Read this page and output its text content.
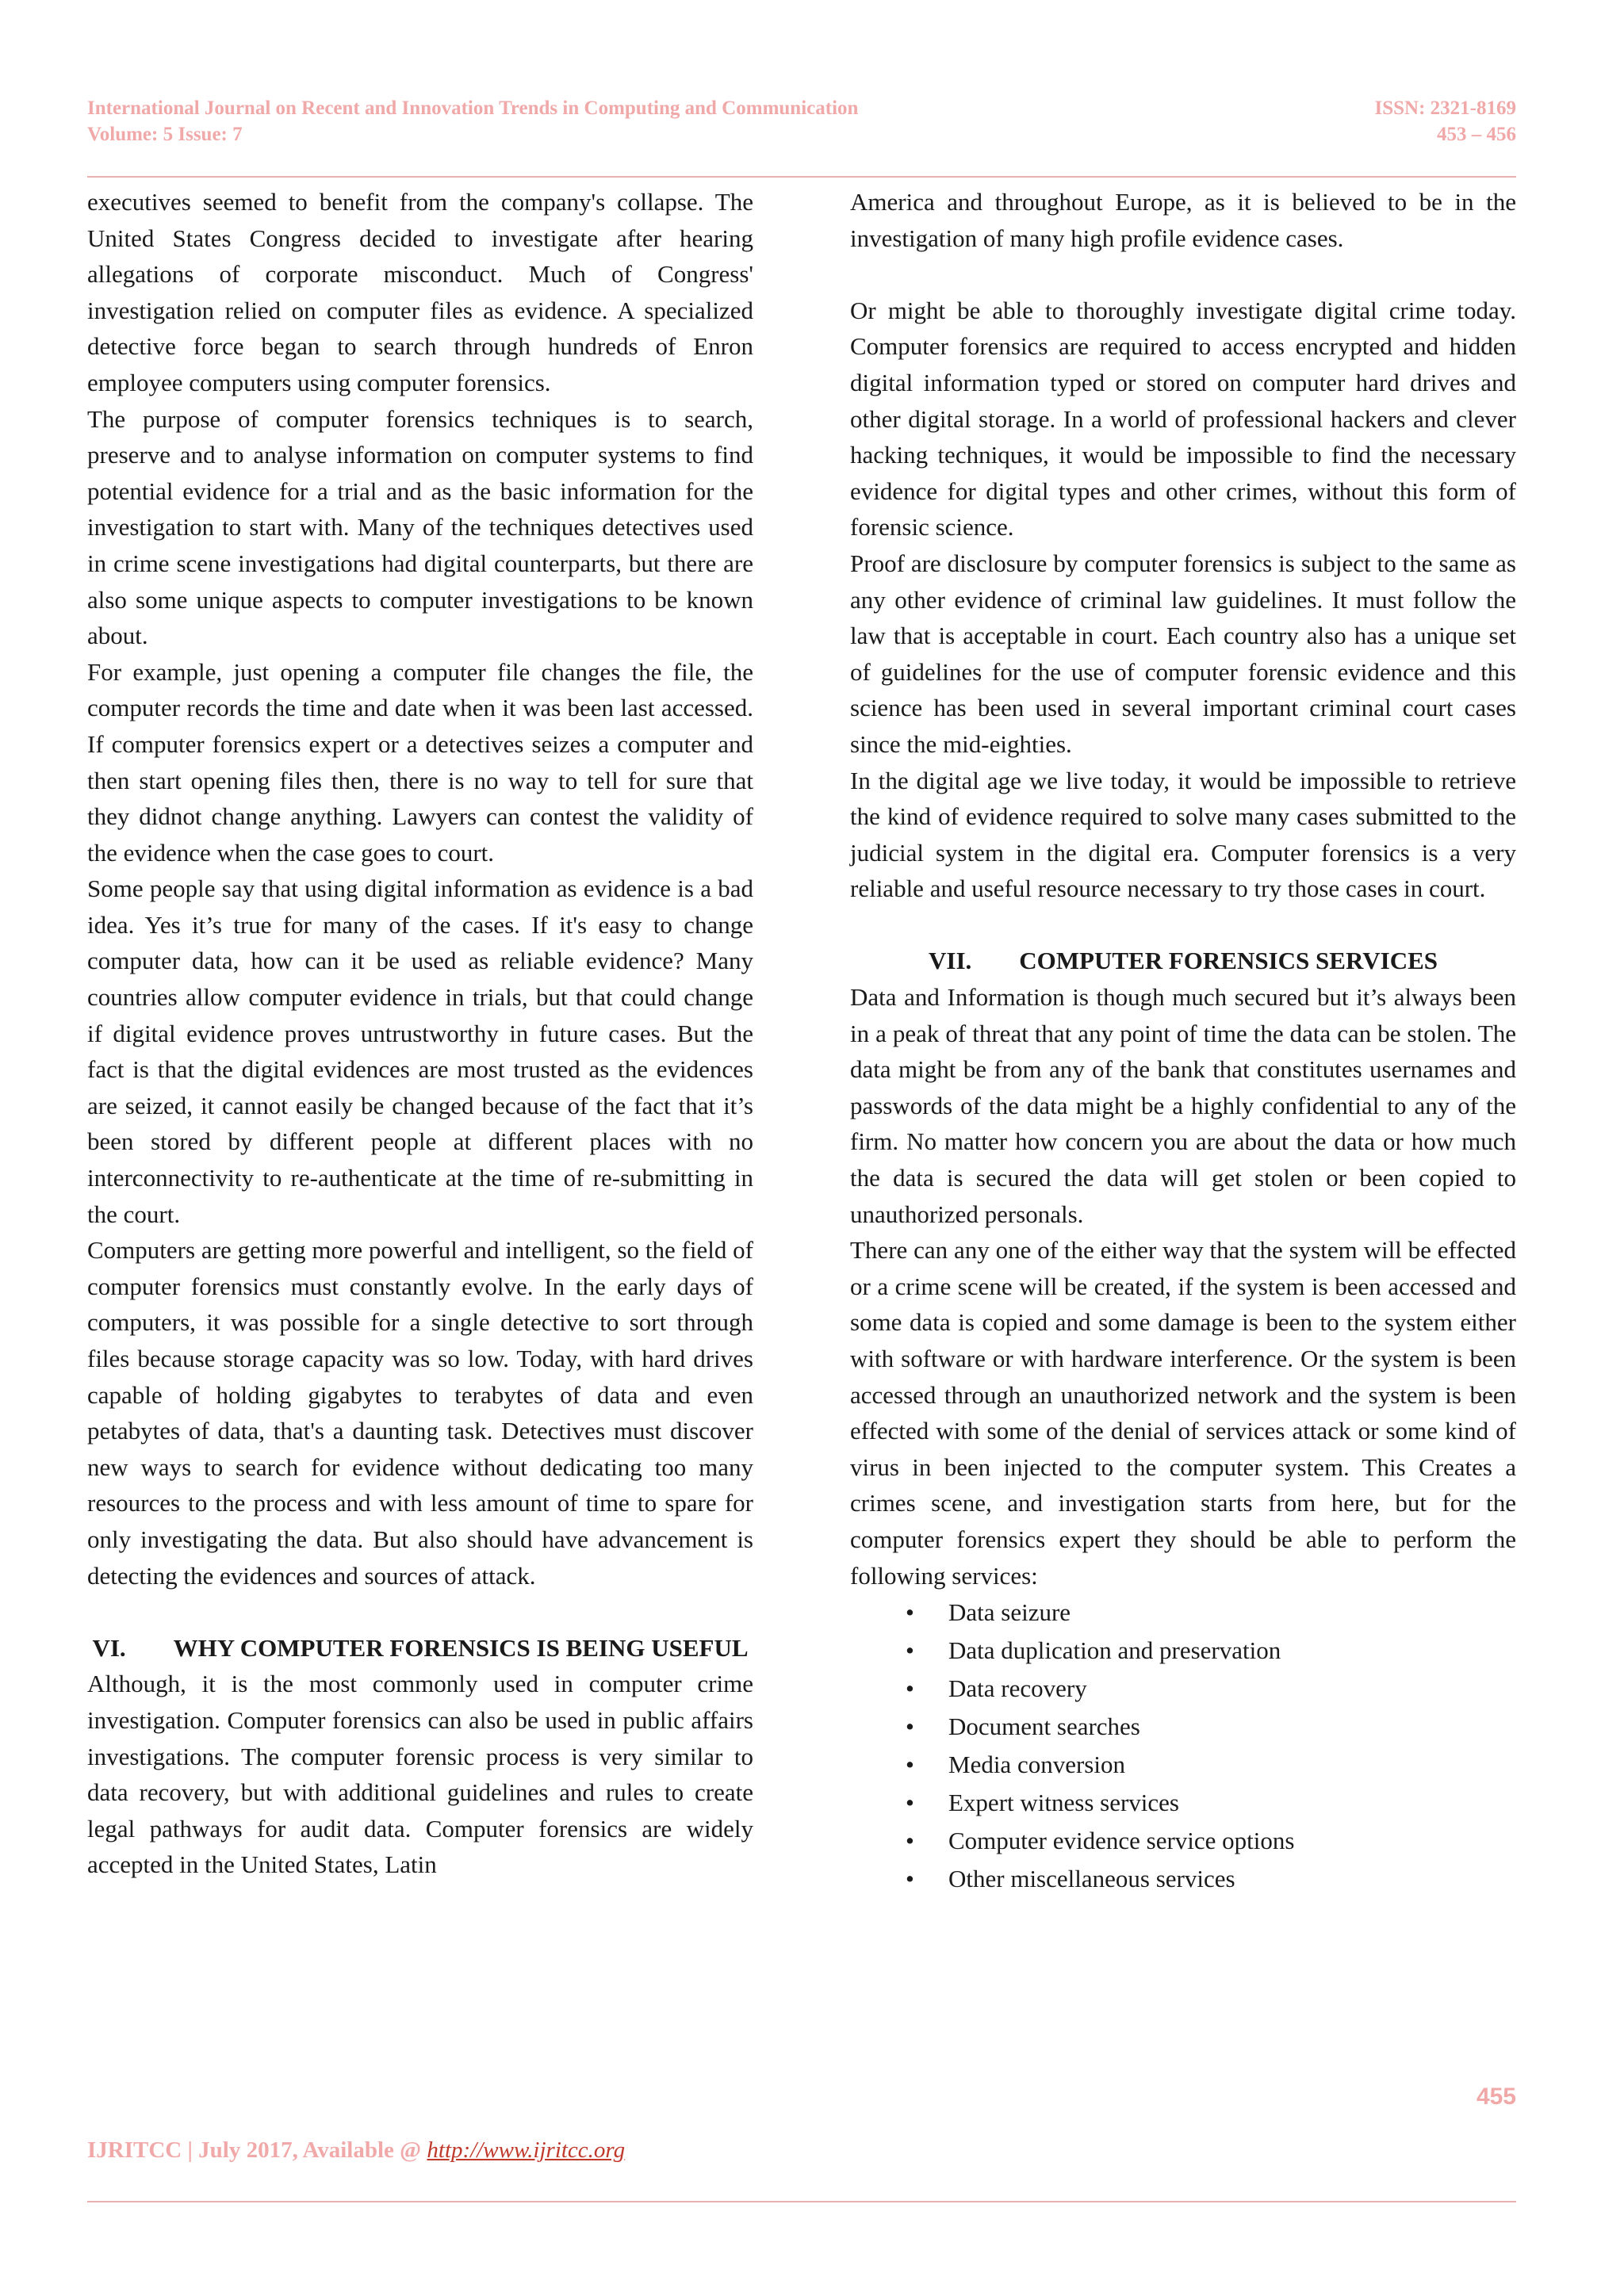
International Journal on Recent and Innovation Trends in Computing and Communication
Volume: 5 Issue: 7
ISSN: 2321-8169
453 – 456

executives seemed to benefit from the company's collapse. The United States Congress decided to investigate after hearing allegations of corporate misconduct. Much of Congress' investigation relied on computer files as evidence. A specialized detective force began to search through hundreds of Enron employee computers using computer forensics.

The purpose of computer forensics techniques is to search, preserve and to analyse information on computer systems to find potential evidence for a trial and as the basic information for the investigation to start with. Many of the techniques detectives used in crime scene investigations had digital counterparts, but there are also some unique aspects to computer investigations to be known about.

For example, just opening a computer file changes the file, the computer records the time and date when it was been last accessed. If computer forensics expert or a detectives seizes a computer and then start opening files then, there is no way to tell for sure that they didnot change anything. Lawyers can contest the validity of the evidence when the case goes to court.

Some people say that using digital information as evidence is a bad idea. Yes it’s true for many of the cases. If it's easy to change computer data, how can it be used as reliable evidence? Many countries allow computer evidence in trials, but that could change if digital evidence proves untrustworthy in future cases. But the fact is that the digital evidences are most trusted as the evidences are seized, it cannot easily be changed because of the fact that it’s been stored by different people at different places with no interconnectivity to re-authenticate at the time of re-submitting in the court.

Computers are getting more powerful and intelligent, so the field of computer forensics must constantly evolve. In the early days of computers, it was possible for a single detective to sort through files because storage capacity was so low. Today, with hard drives capable of holding gigabytes to terabytes of data and even petabytes of data, that's a daunting task. Detectives must discover new ways to search for evidence without dedicating too many resources to the process and with less amount of time to spare for only investigating the data. But also should have advancement is detecting the evidences and sources of attack.

VI. WHY COMPUTER FORENSICS IS BEING USEFUL

Although, it is the most commonly used in computer crime investigation. Computer forensics can also be used in public affairs investigations. The computer forensic process is very similar to data recovery, but with additional guidelines and rules to create legal pathways for audit data. Computer forensics are widely accepted in the United States, Latin

America and throughout Europe, as it is believed to be in the investigation of many high profile evidence cases.

Or might be able to thoroughly investigate digital crime today. Computer forensics are required to access encrypted and hidden digital information typed or stored on computer hard drives and other digital storage. In a world of professional hackers and clever hacking techniques, it would be impossible to find the necessary evidence for digital types and other crimes, without this form of forensic science.

Proof are disclosure by computer forensics is subject to the same as any other evidence of criminal law guidelines. It must follow the law that is acceptable in court. Each country also has a unique set of guidelines for the use of computer forensic evidence and this science has been used in several important criminal court cases since the mid-eighties.

In the digital age we live today, it would be impossible to retrieve the kind of evidence required to solve many cases submitted to the judicial system in the digital era. Computer forensics is a very reliable and useful resource necessary to try those cases in court.

VII. COMPUTER FORENSICS SERVICES

Data and Information is though much secured but it’s always been in a peak of threat that any point of time the data can be stolen. The data might be from any of the bank that constitutes usernames and passwords of the data might be a highly confidential to any of the firm. No matter how concern you are about the data or how much the data is secured the data will get stolen or been copied to unauthorized personals.

There can any one of the either way that the system will be effected or a crime scene will be created, if the system is been accessed and some data is copied and some damage is been to the system either with software or with hardware interference. Or the system is been accessed through an unauthorized network and the system is been effected with some of the denial of services attack or some kind of virus in been injected to the computer system. This Creates a crimes scene, and investigation starts from here, but for the computer forensics expert they should be able to perform the following services:

• Data seizure
• Data duplication and preservation
• Data recovery
• Document searches
• Media conversion
• Expert witness services
• Computer evidence service options
• Other miscellaneous services
455
IJRITCC | July 2017, Available @ http://www.ijritcc.org
